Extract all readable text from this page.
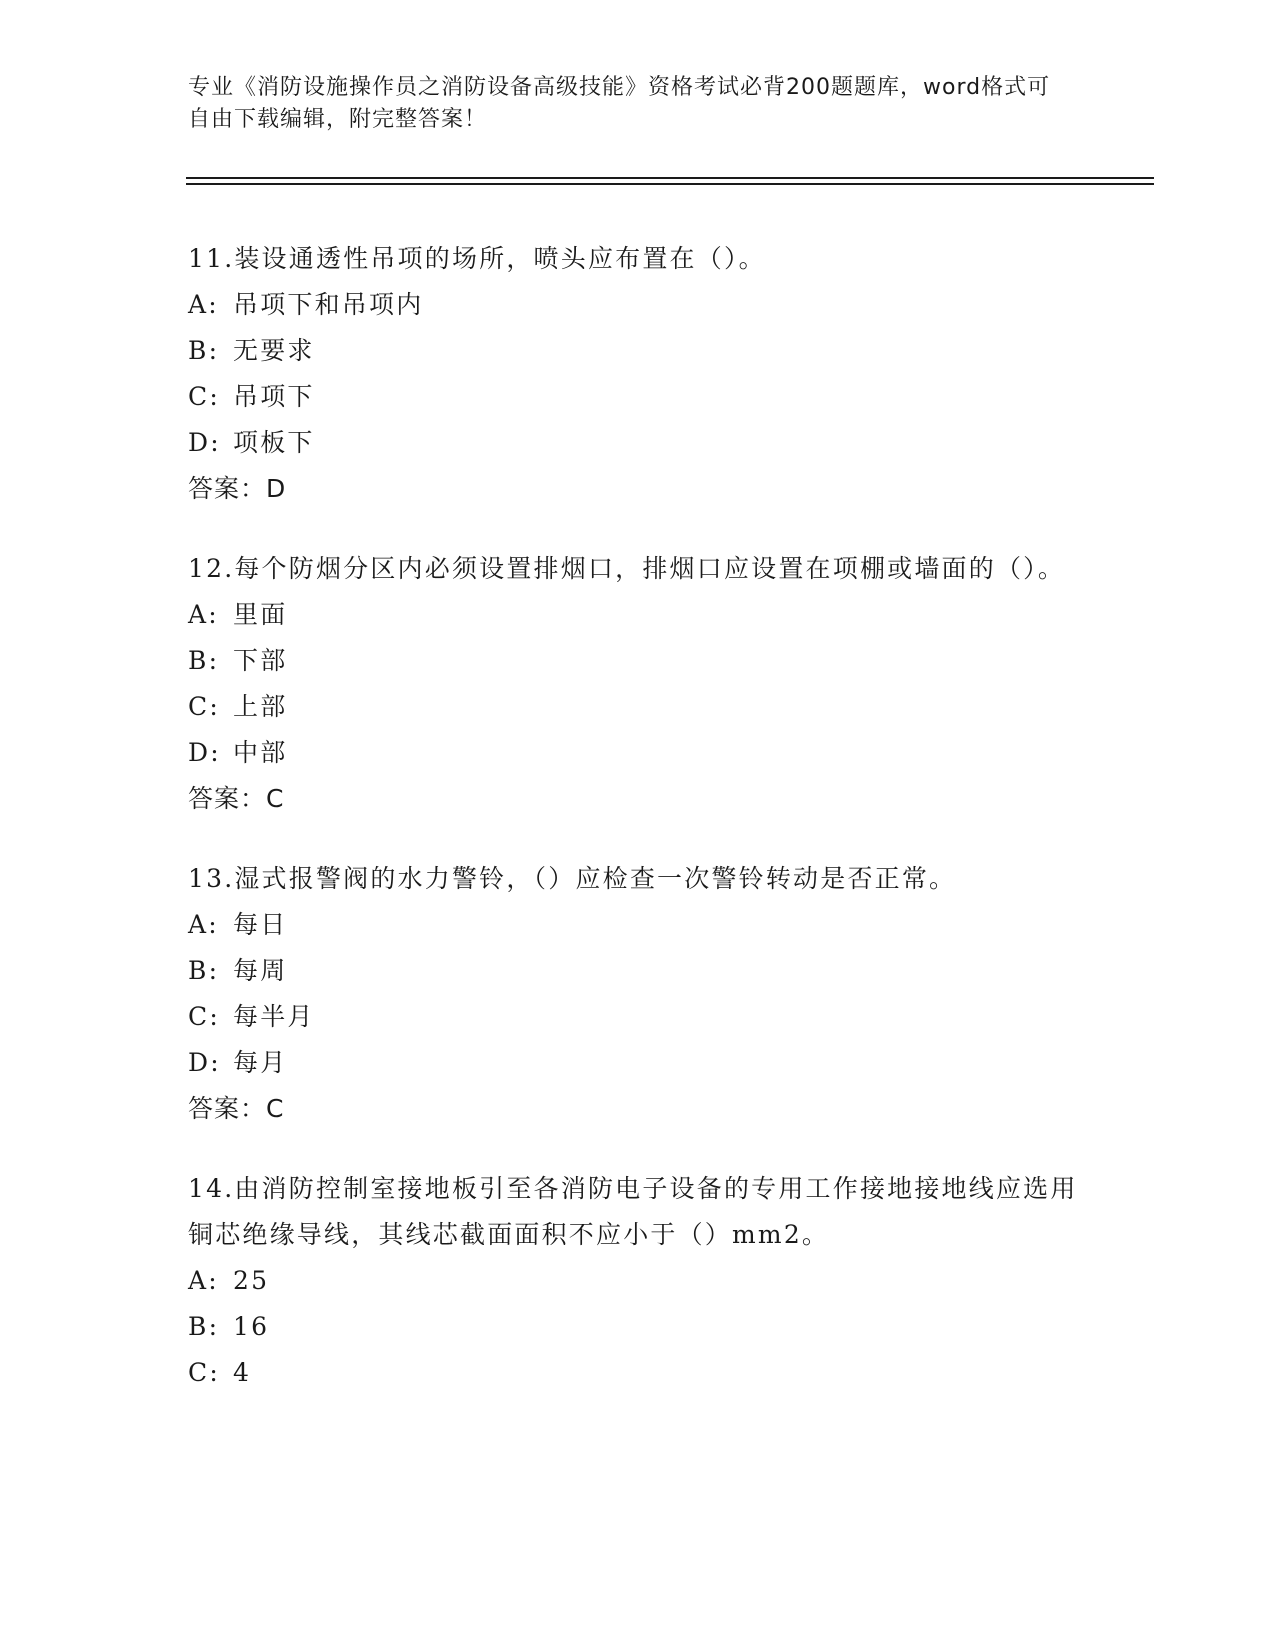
专业《消防设施操作员之消防设备高级技能》资格考试必背200题题库，word格式可自由下载编辑，附完整答案！

11.装设通透性吊项的场所，喷头应布置在（）。

A: 吊项下和吊项内
B: 无要求
C: 吊项下
D: 项板下

答案：D

12.每个防烟分区内必须设置排烟口，排烟口应设置在项棚或墙面的（）。

A: 里面
B: 下部
C: 上部
D: 中部

答案：C

13.湿式报警阀的水力警铃，（）应检查一次警铃转动是否正常。

A: 每日
B: 每周
C: 每半月
D: 每月

答案：C

14.由消防控制室接地板引至各消防电子设备的专用工作接地接地线应选用铜芯绝缘导线，其线芯截面面积不应小于（）mm2。

A: 25
B: 16
C: 4
